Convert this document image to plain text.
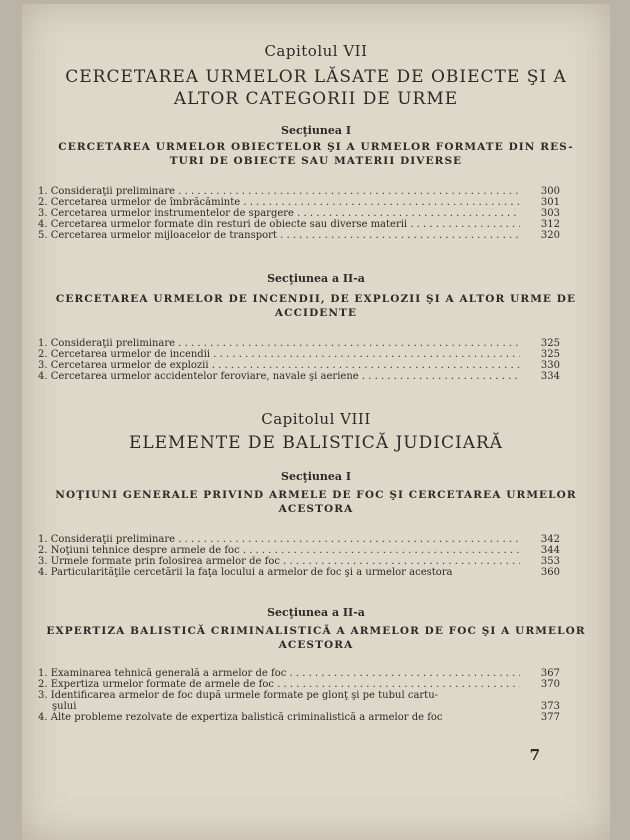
Capitolul VII
CERCETAREA URMELOR LĂSATE DE OBIECTE ŞI A
ALTOR CATEGORII DE URME
Secţiunea I
CERCETAREA URMELOR OBIECTELOR ŞI A URMELOR FORMATE DIN RES-
TURI DE OBIECTE SAU MATERII DIVERSE
1. Consideraţii preliminare . . .	300
2. Cercetarea urmelor de îmbrăcăminte . . .	301
3. Cercetarea urmelor instrumentelor de spargere . . .	303
4. Cercetarea urmelor formate din resturi de obiecte sau diverse materii . . .	312
5. Cercetarea urmelor mijloacelor de transport . . .	320
Secţiunea a II-a
CERCETAREA URMELOR DE INCENDII, DE EXPLOZII ŞI A ALTOR URME DE
ACCIDENTE
1. Consideraţii preliminare . . .	325
2. Cercetarea urmelor de incendii . . .	325
3. Cercetarea urmelor de explozii . . .	330
4. Cercetarea urmelor accidentelor feroviare, navale şi aeriene . . .	334
Capitolul VIII
ELEMENTE DE BALISTICĂ JUDICIARĂ
Secţiunea I
NOŢIUNI GENERALE PRIVIND ARMELE DE FOC ŞI CERCETAREA URMELOR
ACESTORA
1. Consideraţii preliminare . . .	342
2. Noţiuni tehnice despre armele de foc . . .	344
3. Urmele formate prin folosirea armelor de foc . . .	353
4. Particularităţile cercetării la faţa locului a armelor de foc şi a urmelor acestora	360
Secţiunea a II-a
EXPERTIZA BALISTICĂ CRIMINALISTICĂ A ARMELOR DE FOC ŞI A URMELOR
ACESTORA
1. Examinarea tehnică generală a armelor de foc . . .	367
2. Expertiza urmelor formate de armele de foc . . .	370
3. Identificarea armelor de foc după urmele formate pe glonţ şi pe tubul cartu-
şului	373
4. Alte probleme rezolvate de expertiza balistică criminalistică a armelor de foc	377
7
